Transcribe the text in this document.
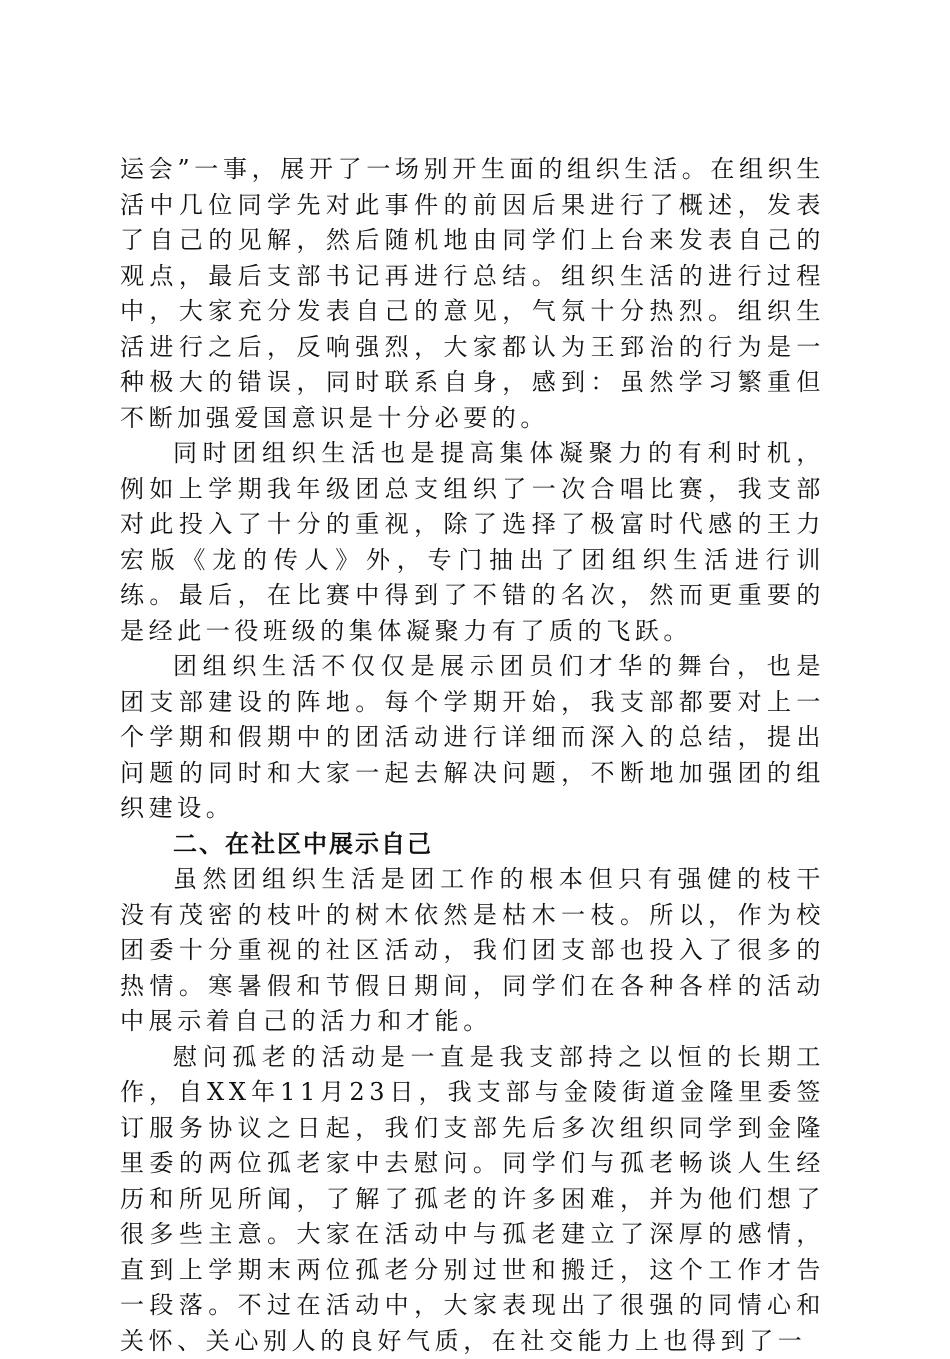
运会”一事，展开了一场别开生面的组织生活。在组织生活中几位同学先对此事件的前因后果进行了概述，发表了自己的见解，然后随机地由同学们上台来发表自己的观点，最后支部书记再进行总结。组织生活的进行过程中，大家充分发表自己的意见，气氛十分热烈。组织生活进行之后，反响强烈，大家都认为王郅治的行为是一种极大的错误，同时联系自身，感到：虽然学习繁重但不断加强爱国意识是十分必要的。

同时团组织生活也是提高集体凝聚力的有利时机，例如上学期我年级团总支组织了一次合唱比赛，我支部对此投入了十分的重视，除了选择了极富时代感的王力宏版《龙的传人》外，专门抽出了团组织生活进行训练。最后，在比赛中得到了不错的名次，然而更重要的是经此一役班级的集体凝聚力有了质的飞跃。

团组织生活不仅仅是展示团员们才华的舞台，也是团支部建设的阵地。每个学期开始，我支部都要对上一个学期和假期中的团活动进行详细而深入的总结，提出问题的同时和大家一起去解决问题，不断地加强团的组织建设。

二、在社区中展示自己

虽然团组织生活是团工作的根本但只有强健的枝干没有茂密的枝叶的树木依然是枯木一枝。所以，作为校团委十分重视的社区活动，我们团支部也投入了很多的热情。寒暑假和节假日期间，同学们在各种各样的活动中展示着自己的活力和才能。

慰问孤老的活动是一直是我支部持之以恒的长期工作，自XX年11月23日，我支部与金陵街道金隆里委签订服务协议之日起，我们支部先后多次组织同学到金隆里委的两位孤老家中去慰问。同学们与孤老畅谈人生经历和所见所闻，了解了孤老的许多困难，并为他们想了很多些主意。大家在活动中与孤老建立了深厚的感情，直到上学期末两位孤老分别过世和搬迁，这个工作才告一段落。不过在活动中，大家表现出了很强的同情心和关怀、关心别人的良好气质，在社交能力上也得到了一
